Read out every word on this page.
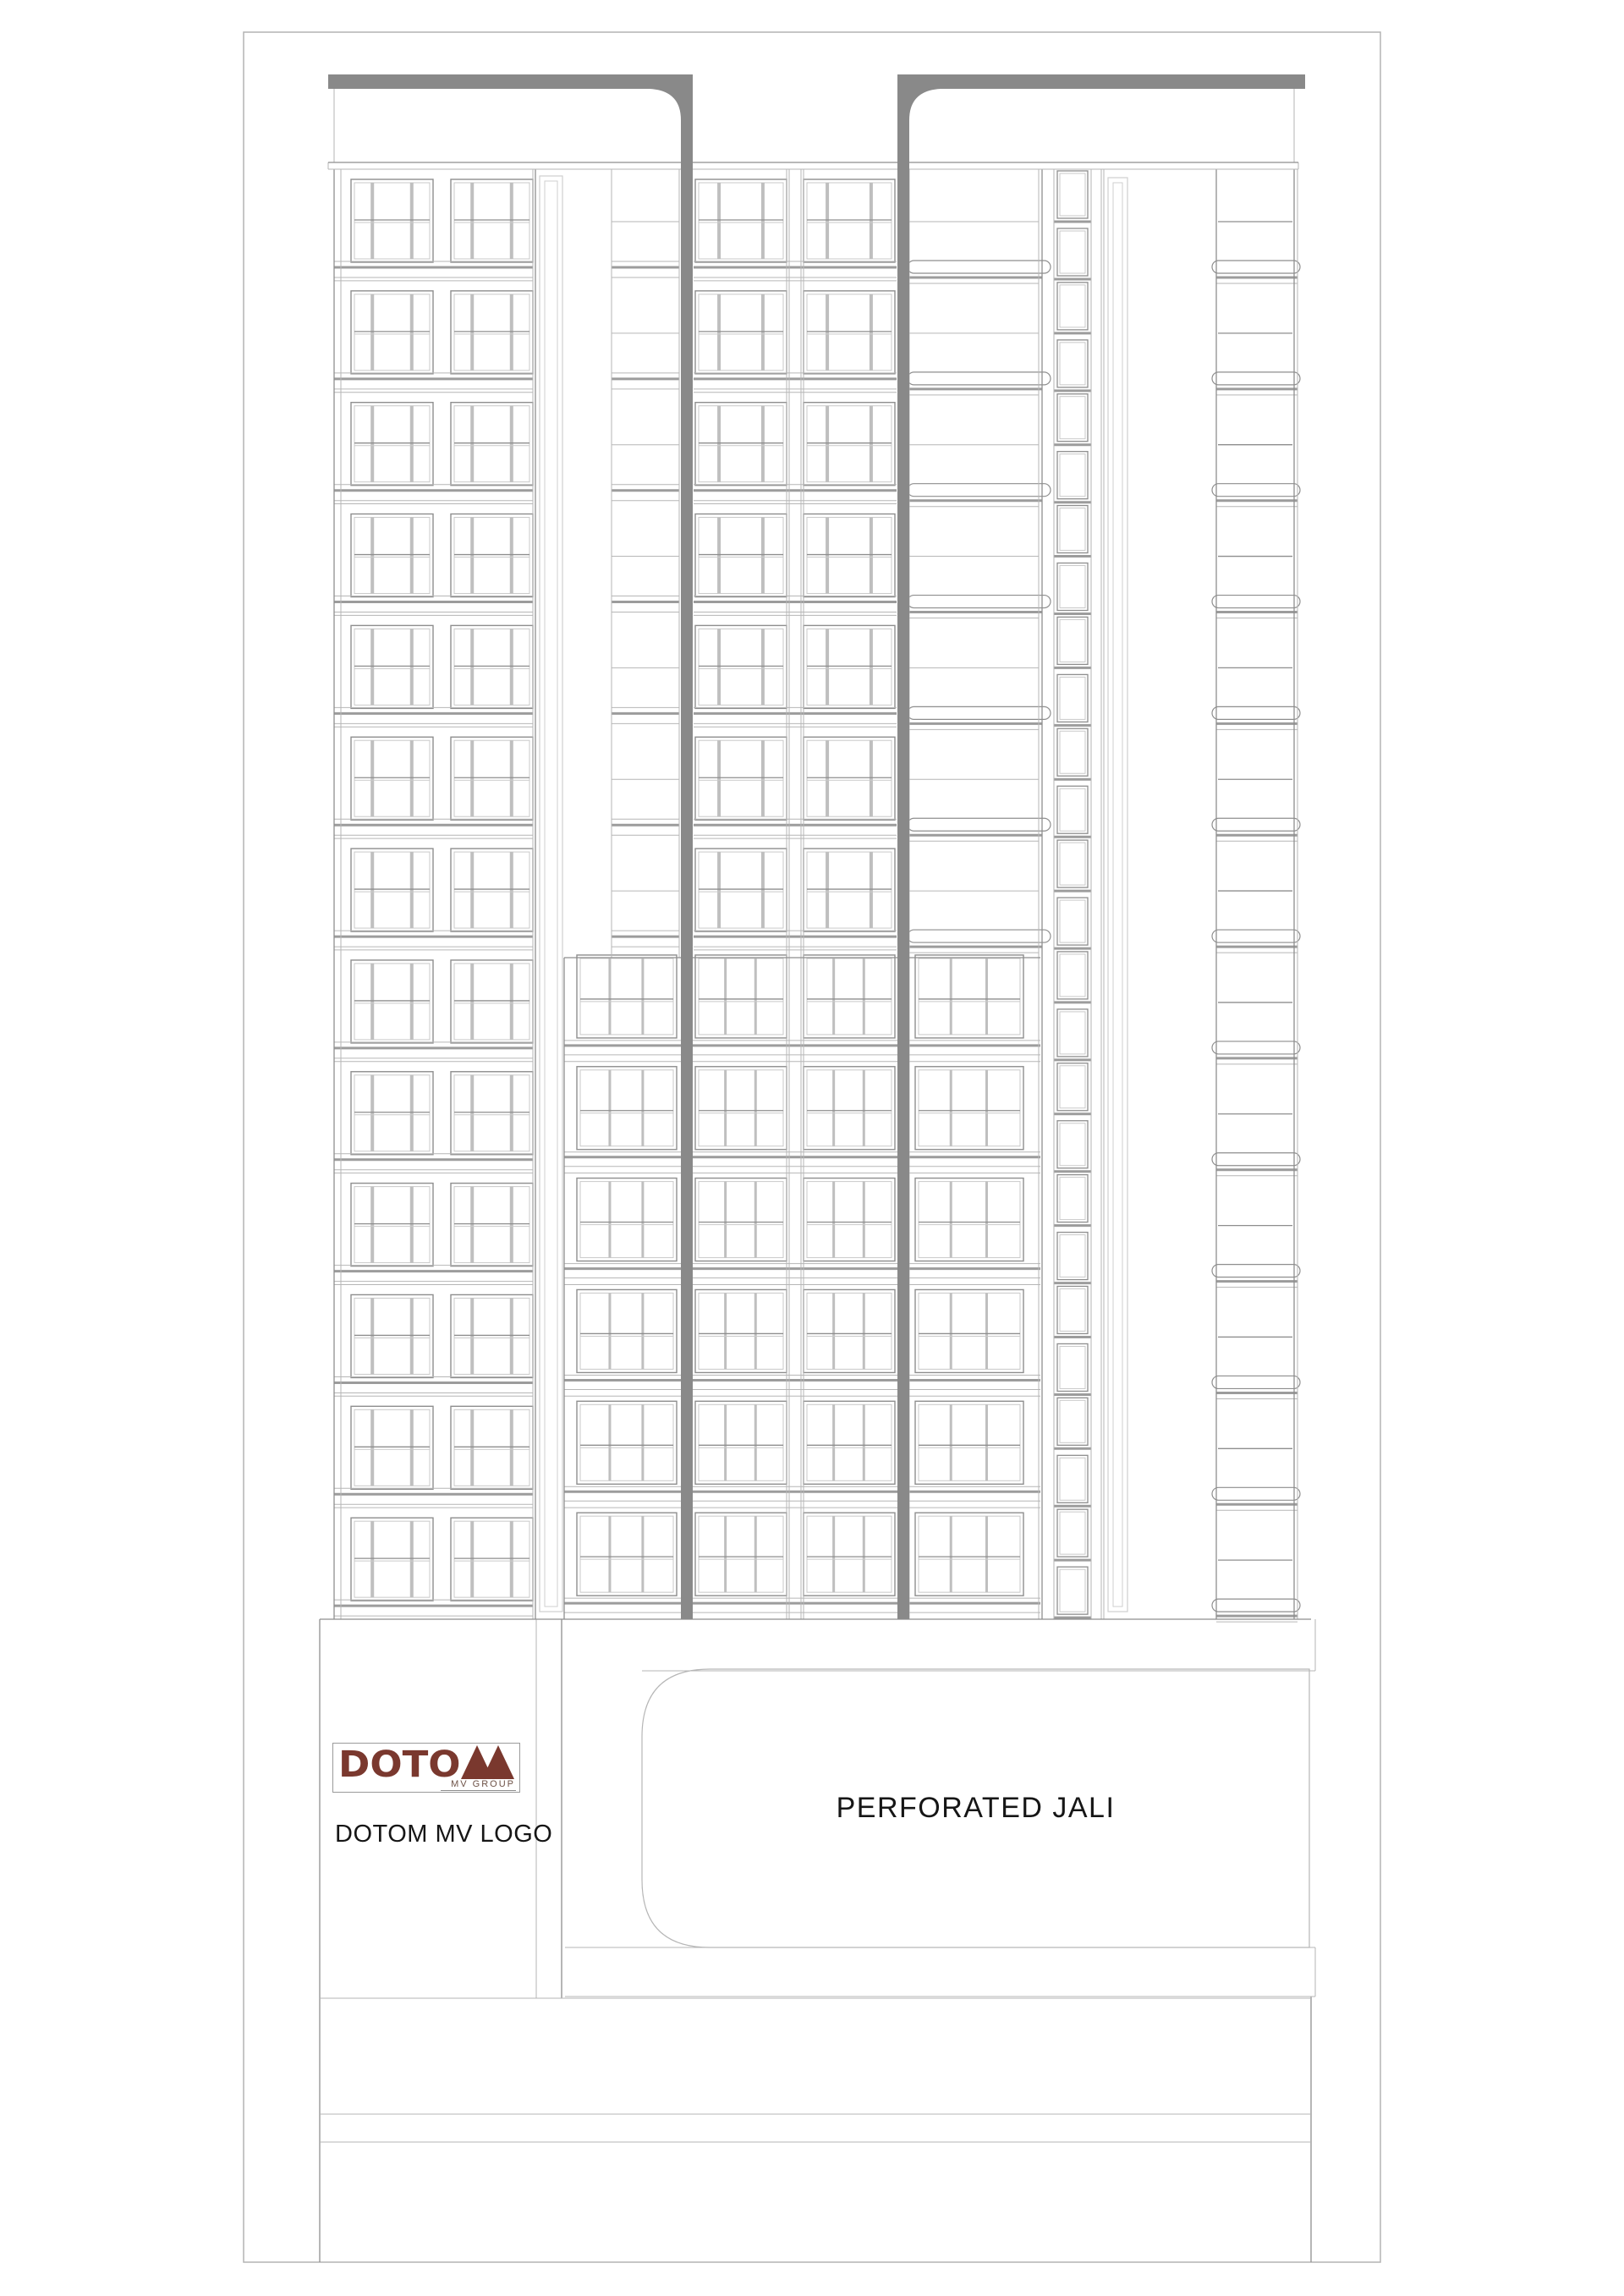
PERFORATED JALI
DOTO
MV GROUP
DOTOM MV LOGO
